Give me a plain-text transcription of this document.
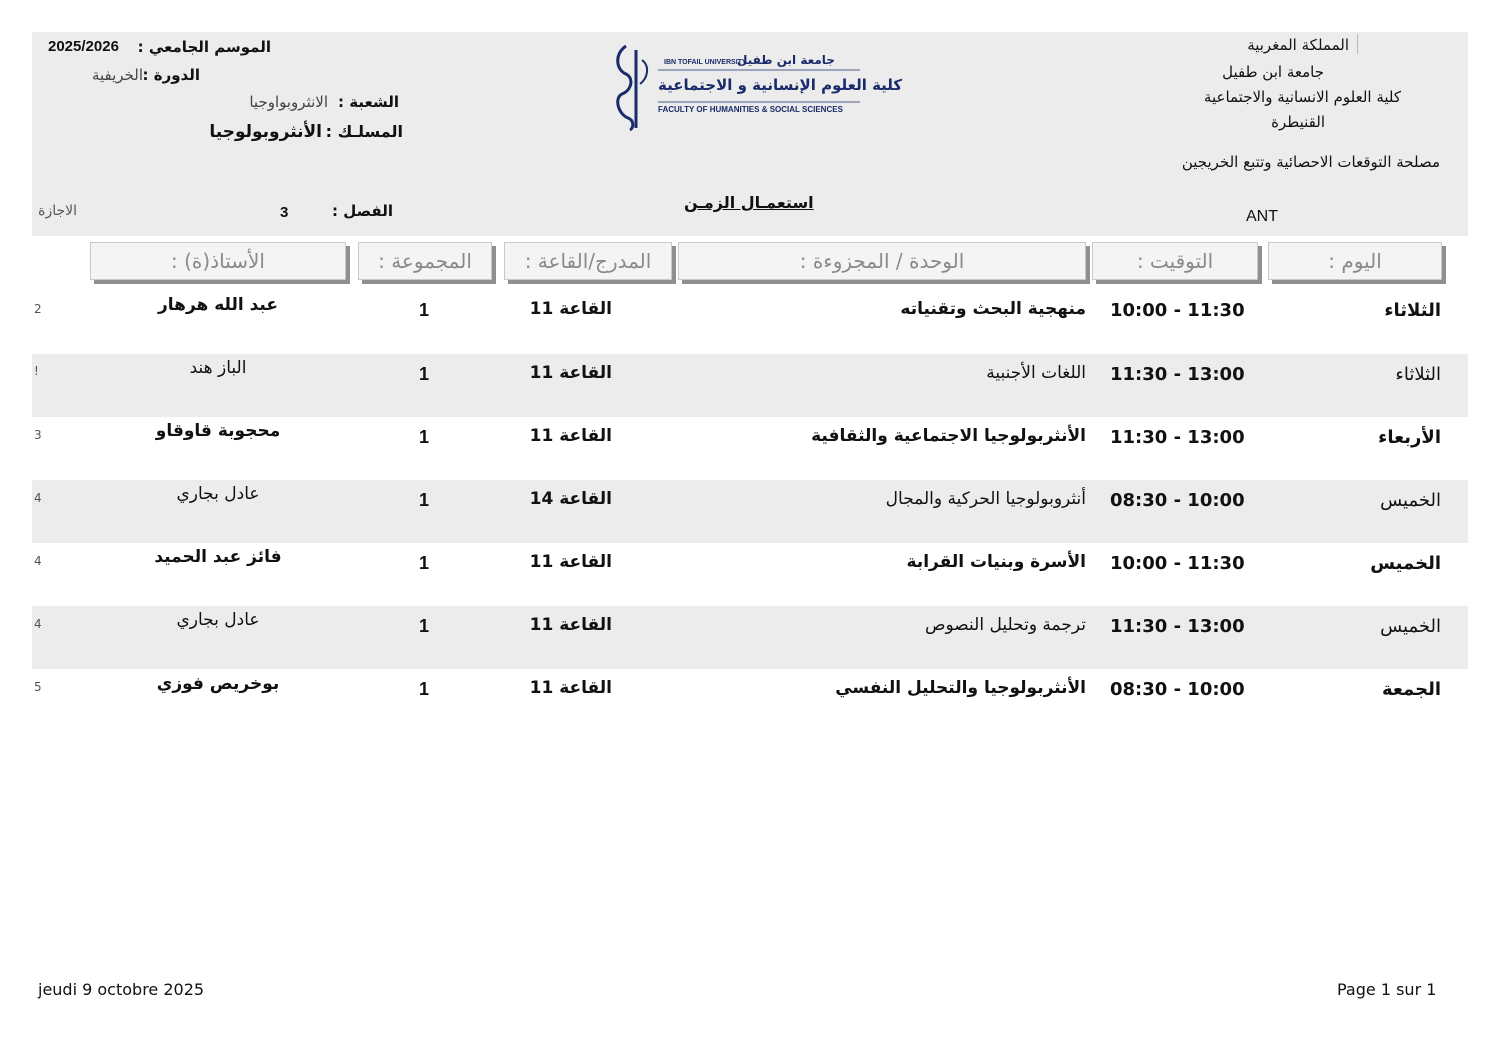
المملكة المغربية
جامعة ابن طفيل
كلية العلوم الانسانية والاجتماعية
القنيطرة
مصلحة التوقعات الاحصائية وتتبع الخريجين
ANT
IBN TOFAIL UNIVERSITY
جامعة ابن طفيل
كلية العلوم الإنسانية و الاجتماعية
FACULTY OF HUMANITIES & SOCIAL SCIENCES
الموسم الجامعي :
2025/2026
الدورة :
الخريفية
الشعبة :
الانثروبواوجيا
المسلـك :
الأنثروبولوجيا
الاجازة	الفصل :
3
استعمـال الزمـن
اليوم :
التوقيت :
الوحدة / المجزوءة :
المدرج/القاعة :
المجموعة :
الأستاذ(ة) :
الثلاثاء
10:00 - 11:30
منهجية البحث وتقنياته
القاعة 11
1
عبد الله هرهار
2
الثلاثاء
11:30 - 13:00
اللغات الأجنبية
القاعة 11
1
الباز هند
!
الأربعاء
11:30 - 13:00
الأنثربولوجيا الاجتماعية والثقافية
القاعة 11
1
محجوبة قاوقاو
3
الخميس
08:30 - 10:00
أنثروبولوجيا الحركية والمجال
القاعة 14
1
عادل بجاري
4
الخميس
10:00 - 11:30
الأسرة وبنيات القرابة
القاعة 11
1
فائز عبد الحميد
4
الخميس
11:30 - 13:00
ترجمة وتحليل النصوص
القاعة 11
1
عادل بجاري
4
الجمعة
08:30 - 10:00
الأنثربولوجيا والتحليل النفسي
القاعة 11
1
بوخريص فوزي
5
jeudi 9 octobre 2025	Page 1 sur 1
